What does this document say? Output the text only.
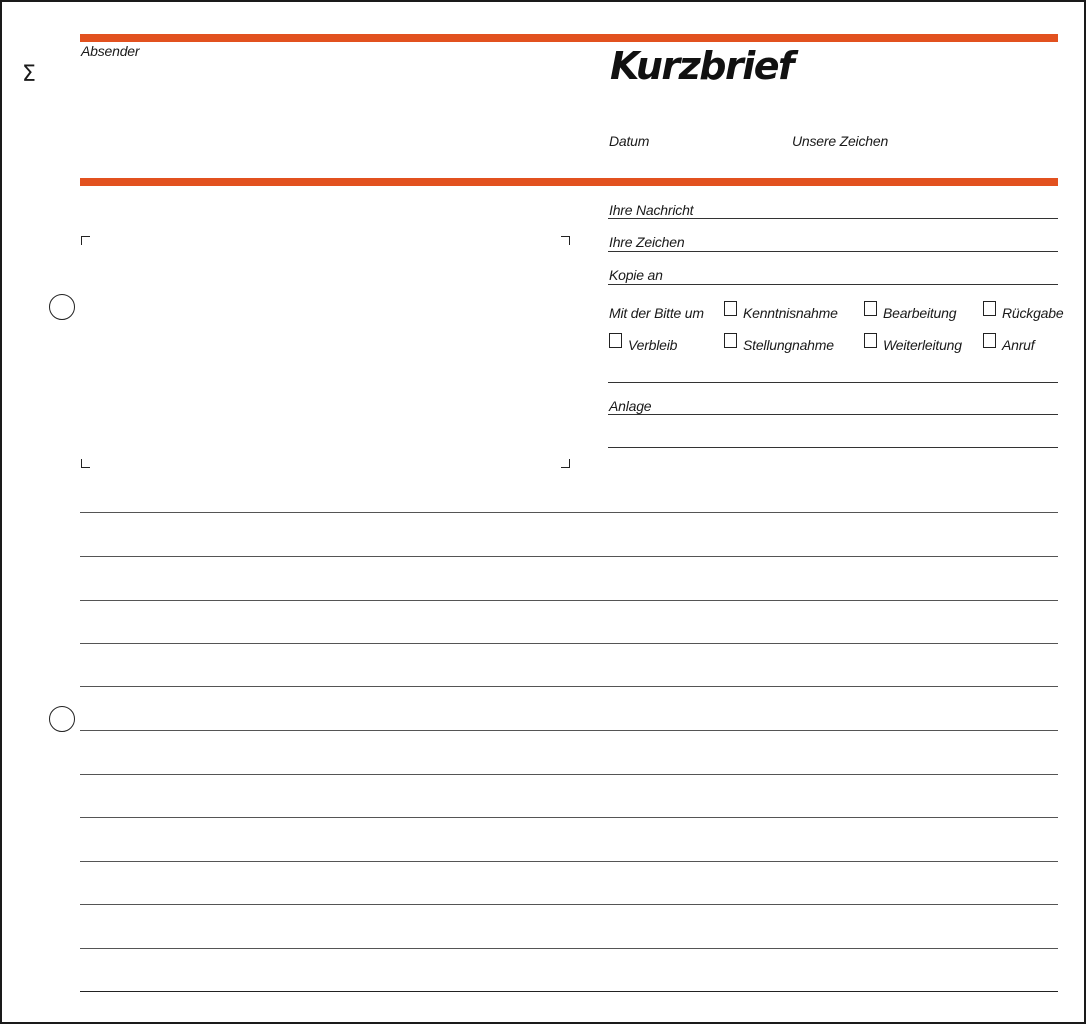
Σ
Absender	Kurzbrief
Datum	Unsere Zeichen
Ihre Nachricht
Ihre Zeichen
Kopie an
Mit der Bitte um	Kenntnisnahme	Bearbeitung	Rückgabe
Verbleib	Stellungnahme	Weiterleitung	Anruf
Anlage
